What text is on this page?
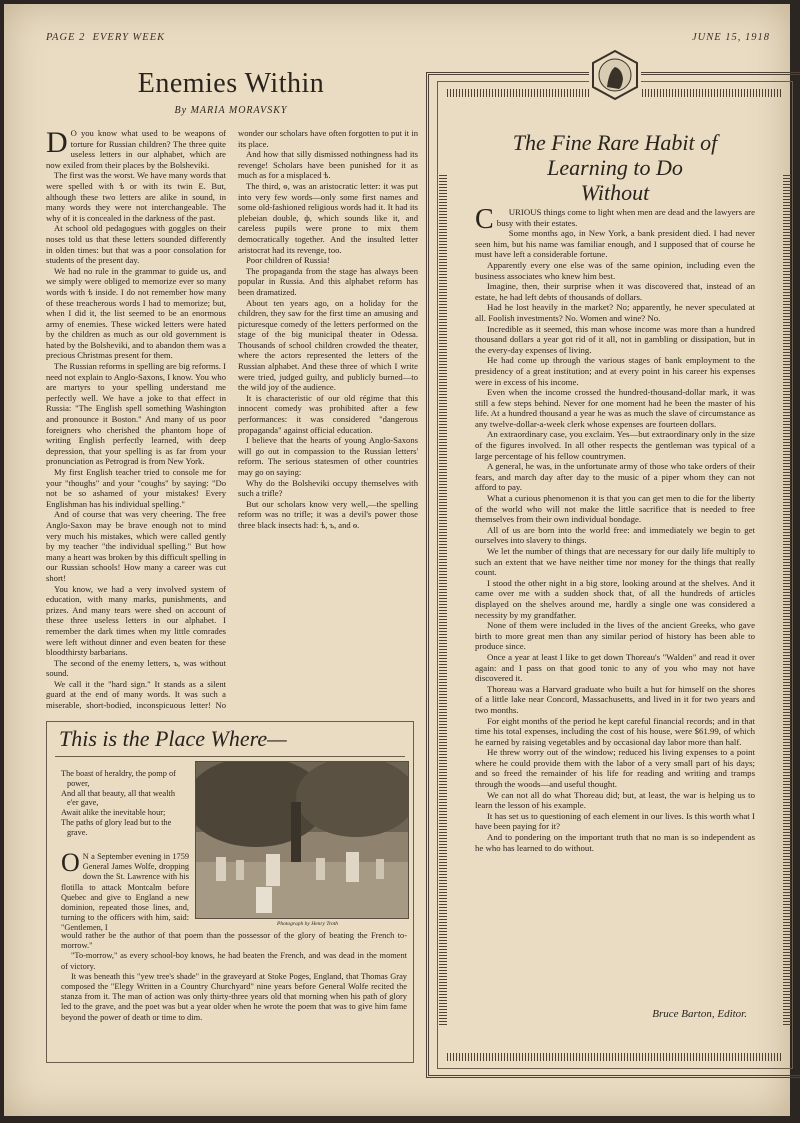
PAGE 2 EVERY WEEK	JUNE 15, 1918
Enemies Within
By MARIA MORAVSKY

D O you know what used to be weapons of torture for Russian children? The three quite useless letters in our alphabet, which are now exiled from their places by the Bolsheviki.

The first was the worst. We have many words that were spelled with ѣ or with its twin Е. But, although these two letters are alike in sound, in many words they were not interchangeable. The why of it is concealed in the darkness of the past.

At school old pedagogues with goggles on their noses told us that these letters sounded differently in olden times: but that was a poor consolation for students of the present day.

We had no rule in the grammar to guide us, and we simply were obliged to memorize ever so many words with ѣ inside. I do not remember how many of these treacherous words I had to memorize; but, when I did it, the list seemed to be an enormous army of enemies. These wicked letters were hated by the children as much as our old government is hated by the Bolsheviki, and to abandon them was a precious Christmas present for them.

The Russian reforms in spelling are big reforms. I need not explain to Anglo-Saxons, I know. You who are martyrs to your spelling understand me perfectly well. We have a joke to that effect in Russia: "The English spell something Washington and pronounce it Boston." And many of us poor foreigners who cherished the phantom hope of writing English perfectly learned, with deep depression, that your spelling is as far from your pronunciation as Petrograd is from New York.

My first English teacher tried to console me for your "thoughs" and your "coughs" by saying: "Do not be so ashamed of your mistakes! Every Englishman has his individual spelling."

And of course that was very cheering. The free Anglo-Saxon may be brave enough not to mind very much his mistakes, which were called gently by my teacher "the individual spelling." But how many a heart was broken by this difficult spelling in our Russian schools! How many a career was cut short!

You know, we had a very involved system of education, with many marks, punishments, and prizes. And many tears were shed on account of these three useless letters in our alphabet. I remember the dark times when my little comrades were left without dinner and even beaten for these bloodthirsty barbarians.

The second of the enemy letters, ъ, was without sound.

We call it the "hard sign." It stands as a silent guard at the end of many words. It was such a miserable, short-bodied, inconspicuous letter! No wonder our scholars have often forgotten to put it in its place.

And how that silly dismissed nothingness had its revenge! Scholars have been punished for it as much as for a misplaced ѣ.

The third, ѳ, was an aristocratic letter: it was put into very few words—only some first names and some old-fashioned religious words had it. It had its plebeian double, ф, which sounds like it, and careless pupils were prone to mix them democratically together. And the insulted letter aristocrat had its revenge, too.

Poor children of Russia!

The propaganda from the stage has always been popular in Russia. And this alphabet reform has been dramatized.

About ten years ago, on a holiday for the children, they saw for the first time an amusing and picturesque comedy of the letters performed on the stage of the big municipal theater in Odessa. Thousands of school children crowded the theater, where the actors represented the letters of the Russian alphabet. And these three of which I write were tried, judged guilty, and publicly burned—to the wild joy of the audience.

It is characteristic of our old régime that this innocent comedy was prohibited after a few performances: it was considered "dangerous propaganda" against official education.

I believe that the hearts of young Anglo-Saxons will go out in compassion to the Russian letters' reform. The serious statesmen of other countries may go on saying:

Why do the Bolsheviki occupy themselves with such a trifle?

But our scholars know very well,—the spelling reform was no trifle; it was a devil's power those three black insects had: ѣ, ъ, and ѳ.

This is the Place Where—
The boast of heraldry, the pomp of power,
And all that beauty, all that wealth e'er gave,
Await alike the inevitable hour;
The paths of glory lead but to the grave.
Photograph by Henry Troth
O N a September evening in 1759 General James Wolfe, dropping down the St. Lawrence with his flotilla to attack Montcalm before Quebec and give to England a new dominion, repeated those lines, and, turning to the officers with him, said: "Gentlemen, I

would rather be the author of that poem than the possessor of the glory of beating the French to-morrow."

"To-morrow," as every school-boy knows, he had beaten the French, and was dead in the moment of victory.

It was beneath this "yew tree's shade" in the graveyard at Stoke Poges, England, that Thomas Gray composed the "Elegy Written in a Country Churchyard" nine years before General Wolfe recited the stanza from it. The man of action was only thirty-three years old that morning when his path of glory led to the grave, and the poet was but a year older when he wrote the poem that was to give him fame beyond the power of death or time to dim.

The Fine Rare Habit of
Learning to Do
Without

C URIOUS things come to light when men are dead and the lawyers are busy with their estates.

Some months ago, in New York, a bank president died. I had never seen him, but his name was familiar enough, and I supposed that of course he must have left a considerable fortune.

Apparently every one else was of the same opinion, including even the business associates who knew him best.

Imagine, then, their surprise when it was discovered that, instead of an estate, he had left debts of thousands of dollars.

Had he lost heavily in the market? No; apparently, he never speculated at all. Foolish investments? No. Women and wine? No.

Incredible as it seemed, this man whose income was more than a hundred thousand dollars a year got rid of it all, not in gambling or dissipation, but in the every-day expenses of living.

He had come up through the various stages of bank employment to the presidency of a great institution; and at every point in his career his expenses were in excess of his income.

Even when the income crossed the hundred-thousand-dollar mark, it was still a few steps behind. Never for one moment had he been the master of his life. At a hundred thousand a year he was as much the slave of circumstance as any twelve-dollar-a-week clerk whose expenses are fourteen dollars.

An extraordinary case, you exclaim. Yes—but extraordinary only in the size of the figures involved. In all other respects the gentleman was typical of a large percentage of his fellow countrymen.

A general, he was, in the unfortunate army of those who take orders of their fears, and march day after day to the music of a piper whom they can not afford to pay.

What a curious phenomenon it is that you can get men to die for the liberty of the world who will not make the little sacrifice that is needed to free themselves from their own individual bondage.

All of us are born into the world free: and immediately we begin to get ourselves into slavery to things.

We let the number of things that are necessary for our daily life multiply to such an extent that we have neither time nor money for the things that really count.

I stood the other night in a big store, looking around at the shelves. And it came over me with a sudden shock that, of all the hundreds of articles displayed on the shelves around me, hardly a single one was considered a necessity by my grandfather.

None of them were included in the lives of the ancient Greeks, who gave birth to more great men than any similar period of history has been able to produce since.

Once a year at least I like to get down Thoreau's "Walden" and read it over again: and I pass on that good tonic to any of you who may not have discovered it.

Thoreau was a Harvard graduate who built a hut for himself on the shores of a little lake near Concord, Massachusetts, and lived in it for two years and two months.

For eight months of the period he kept careful financial records; and in that time his total expenses, including the cost of his house, were $61.99, of which he earned by raising vegetables and by occasional day labor more than half.

He threw worry out of the window; reduced his living expenses to a point where he could provide them with the labor of a very small part of his days; and so freed the remainder of his life for reading and writing and tramps through the woods—and useful thought.

We can not all do what Thoreau did; but, at least, the war is helping us to learn the lesson of his example.

It has set us to questioning of each element in our lives. Is this worth what I have been paying for it?

And to pondering on the important truth that no man is so independent as he who has learned to do without.

Bruce Barton, Editor.
